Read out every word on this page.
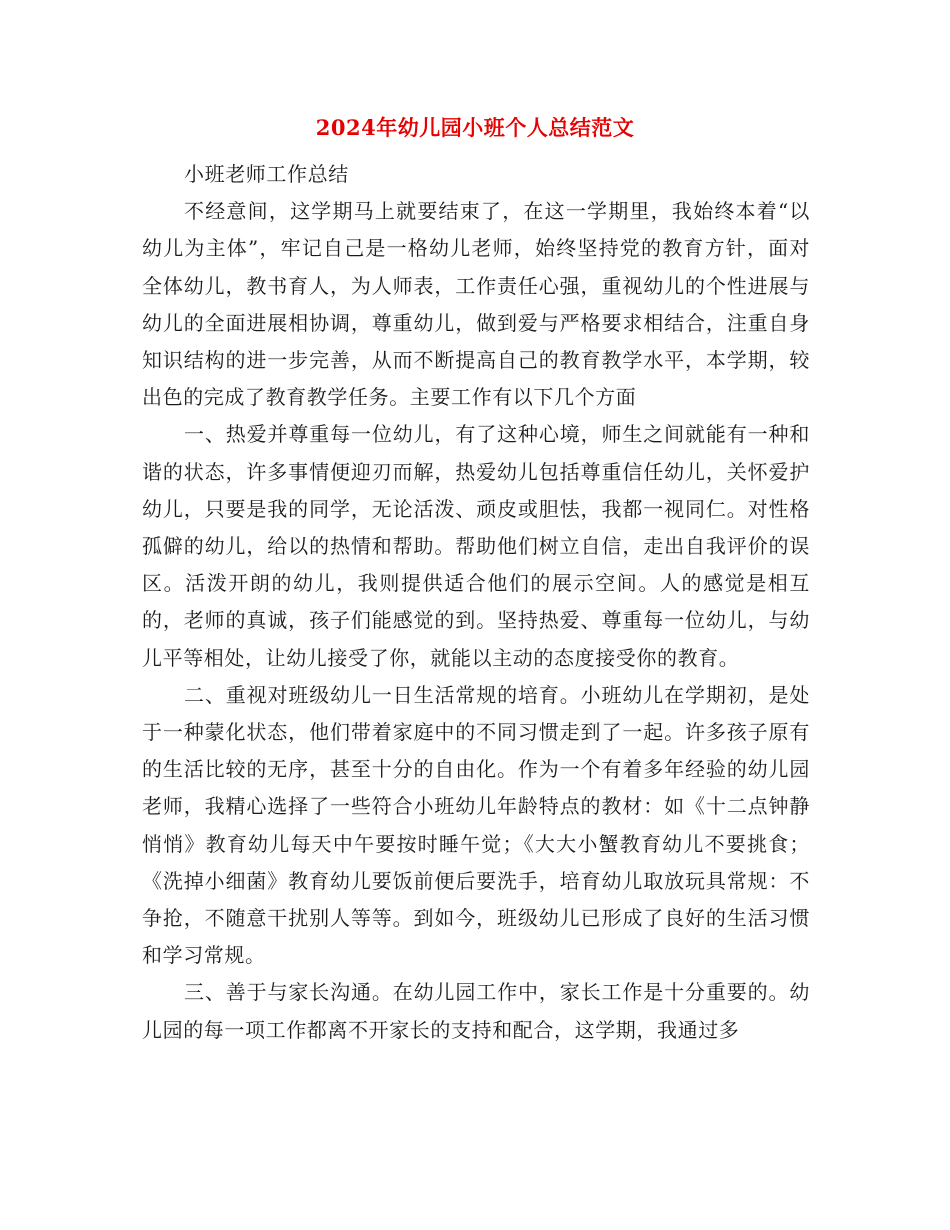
2024年幼儿园小班个人总结范文

小班老师工作总结

不经意间，这学期马上就要结束了，在这一学期里，我始终本着“以幼儿为主体”，牢记自己是一格幼儿老师，始终坚持党的教育方针，面对全体幼儿，教书育人，为人师表，工作责任心强，重视幼儿的个性进展与幼儿的全面进展相协调，尊重幼儿，做到爱与严格要求相结合，注重自身知识结构的进一步完善，从而不断提高自己的教育教学水平，本学期，较出色的完成了教育教学任务。主要工作有以下几个方面

一、热爱并尊重每一位幼儿，有了这种心境，师生之间就能有一种和谐的状态，许多事情便迎刃而解，热爱幼儿包括尊重信任幼儿，关怀爱护幼儿，只要是我的同学，无论活泼、顽皮或胆怯，我都一视同仁。对性格孤僻的幼儿，给以的热情和帮助。帮助他们树立自信，走出自我评价的误区。活泼开朗的幼儿，我则提供适合他们的展示空间。人的感觉是相互的，老师的真诚，孩子们能感觉的到。坚持热爱、尊重每一位幼儿，与幼儿平等相处，让幼儿接受了你，就能以主动的态度接受你的教育。

二、重视对班级幼儿一日生活常规的培育。小班幼儿在学期初，是处于一种蒙化状态，他们带着家庭中的不同习惯走到了一起。许多孩子原有的生活比较的无序，甚至十分的自由化。作为一个有着多年经验的幼儿园老师，我精心选择了一些符合小班幼儿年龄特点的教材：如《十二点钟静悄悄》教育幼儿每天中午要按时睡午觉；《大大小蟹教育幼儿不要挑食；《洗掉小细菌》教育幼儿要饭前便后要洗手，培育幼儿取放玩具常规：不争抢，不随意干扰别人等等。到如今，班级幼儿已形成了良好的生活习惯和学习常规。

三、善于与家长沟通。在幼儿园工作中，家长工作是十分重要的。幼儿园的每一项工作都离不开家长的支持和配合，这学期，我通过多
